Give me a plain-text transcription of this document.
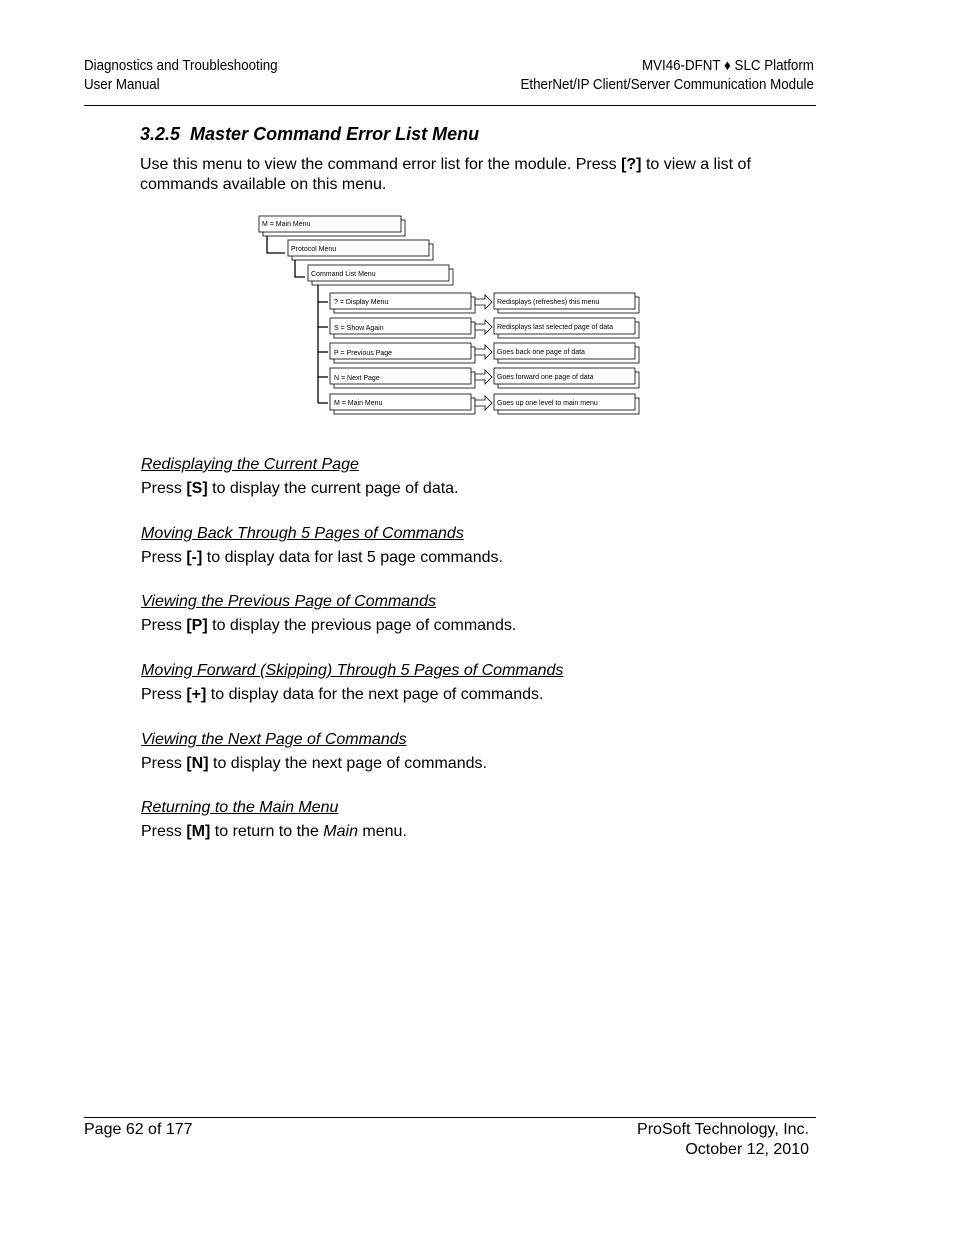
Diagnostics and Troubleshooting
User Manual
MVI46-DFNT ♦ SLC Platform
EtherNet/IP Client/Server Communication Module
3.2.5 Master Command Error List Menu

Use this menu to view the command error list for the module. Press [?] to view a list of commands available on this menu.

M = Main Menu
Protocol Menu
Command List Menu
? = Display Menu	Redisplays (refreshes) this menu
S = Show Again	Redisplays last selected page of data
P = Previous Page	Goes back one page of data
N = Next Page	Goes forward one page of data
M = Main Menu	Goes up one level to main menu
Redisplaying the Current Page
Press [S] to display the current page of data.
Moving Back Through 5 Pages of Commands
Press [-] to display data for last 5 page commands.
Viewing the Previous Page of Commands
Press [P] to display the previous page of commands.
Moving Forward (Skipping) Through 5 Pages of Commands
Press [+] to display data for the next page of commands.
Viewing the Next Page of Commands
Press [N] to display the next page of commands.
Returning to the Main Menu
Press [M] to return to the Main menu.
Page 62 of 177	ProSoft Technology, Inc.
October 12, 2010
